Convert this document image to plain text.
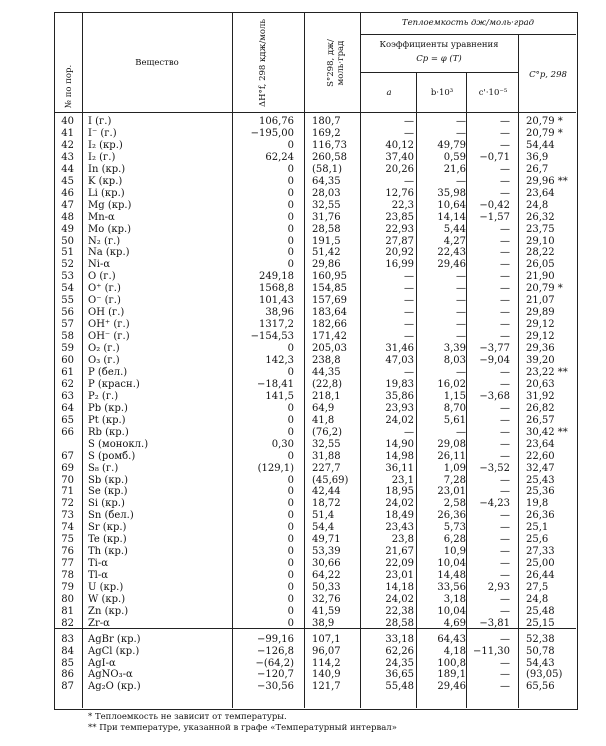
№ по пор.
Вещество	ΔH°f, 298 кдж/моль	S°298, дж/моль·град
Теплоемкость дж/моль·град
Коэффициенты уравнения
Cp = φ (T)
a	b·10³	c'·10⁻⁵
C°p, 298
40 I (г.)	106,76 180,7	—	—	— 20,79 *
41 I⁻ (г.)	−195,00 169,2	—	—	— 20,79 *
42 I₂ (кр.)	0 116,73	40,12	49,79	— 54,44
43 I₂ (г.)	62,24 260,58	37,40	0,59	−0,71 36,9
44 In (кр.)	0 (58,1)	20,26	21,6	— 26,7
45 K (кр.)	0 64,35	—	—	— 29,96 **
46 Li (кр.)	0 28,03	12,76	35,98	— 23,64
47 Mg (кр.)	0 32,55	22,3	10,64	−0,42 24,8
48 Mn-α	0 31,76	23,85	14,14	−1,57 26,32
49 Mo (кр.)	0 28,58	22,93	5,44	— 23,75
50 N₂ (г.)	0 191,5	27,87	4,27	— 29,10
51 Na (кр.)	0 51,42	20,92	22,43	— 28,22
52 Ni-α	0 29,86	16,99	29,46	— 26,05
53 O (г.)	249,18 160,95	—	—	— 21,90
54 O⁺ (г.)	1568,8 154,85	—	—	— 20,79 *
55 O⁻ (г.)	101,43 157,69	—	—	— 21,07
56 OH (г.)	38,96 183,64	—	—	— 29,89
57 OH⁺ (г.)	1317,2 182,66	—	—	— 29,12
58 OH⁻ (г.)	−154,53 171,42	—	—	— 29,12
59 O₂ (г.)	0 205,03	31,46	3,39	−3,77 29,36
60 O₃ (г.)	142,3 238,8	47,03	8,03	−9,04 39,20
61 P (бел.)	0 44,35	—	—	— 23,22 **
62 P (красн.)	−18,41 (22,8)	19,83	16,02	— 20,63
63 P₂ (г.)	141,5 218,1	35,86	1,15	−3,68 31,92
64 Pb (кр.)	0 64,9	23,93	8,70	— 26,82
65 Pt (кр.)	0 41,8	24,02	5,61	— 26,57
66 Rb (кр.)	0 (76,2)	—	—	— 30,42 **
S (монокл.)	0,30 32,55	14,90	29,08	— 23,64
67 S (ромб.)	0 31,88	14,98	26,11	— 22,60
69 S₈ (г.)	(129,1) 227,7	36,11	1,09	−3,52 32,47
70 Sb (кр.)	0 (45,69)	23,1	7,28	— 25,43
71 Se (кр.)	0 42,44	18,95	23,01	— 25,36
72 Si (кр.)	0 18,72	24,02	2,58	−4,23 19,8
73 Sn (бел.)	0 51,4	18,49	26,36	— 26,36
74 Sr (кр.)	0 54,4	23,43	5,73	— 25,1
75 Te (кр.)	0 49,71	23,8	6,28	— 25,6
76 Th (кр.)	0 53,39	21,67	10,9	— 27,33
77 Ti-α	0 30,66	22,09	10,04	— 25,00
78 Tl-α	0 64,22	23,01	14,48	— 26,44
79 U (кр.)	0 50,33	14,18	33,56	2,93 27,5
80 W (кр.)	0 32,76	24,02	3,18	— 24,8
81 Zn (кр.)	0 41,59	22,38	10,04	— 25,48
82 Zr-α	0 38,9	28,58	4,69	−3,81 25,15
83 AgBr (кр.)	−99,16 107,1	33,18	64,43	— 52,38
84 AgCl (кр.)	−126,8 96,07	62,26	4,18 −11,30 50,78
85 AgI-α	−(64,2) 114,2	24,35	100,8	— 54,43
86 AgNO₃-α	−120,7 140,9	36,65	189,1	— (93,05)
87 Ag₂O (кр.)	−30,56 121,7	55,48	29,46	— 65,56
* Теплоемкость не зависит от температуры.
** При температуре, указанной в графе «Температурный интервал»
